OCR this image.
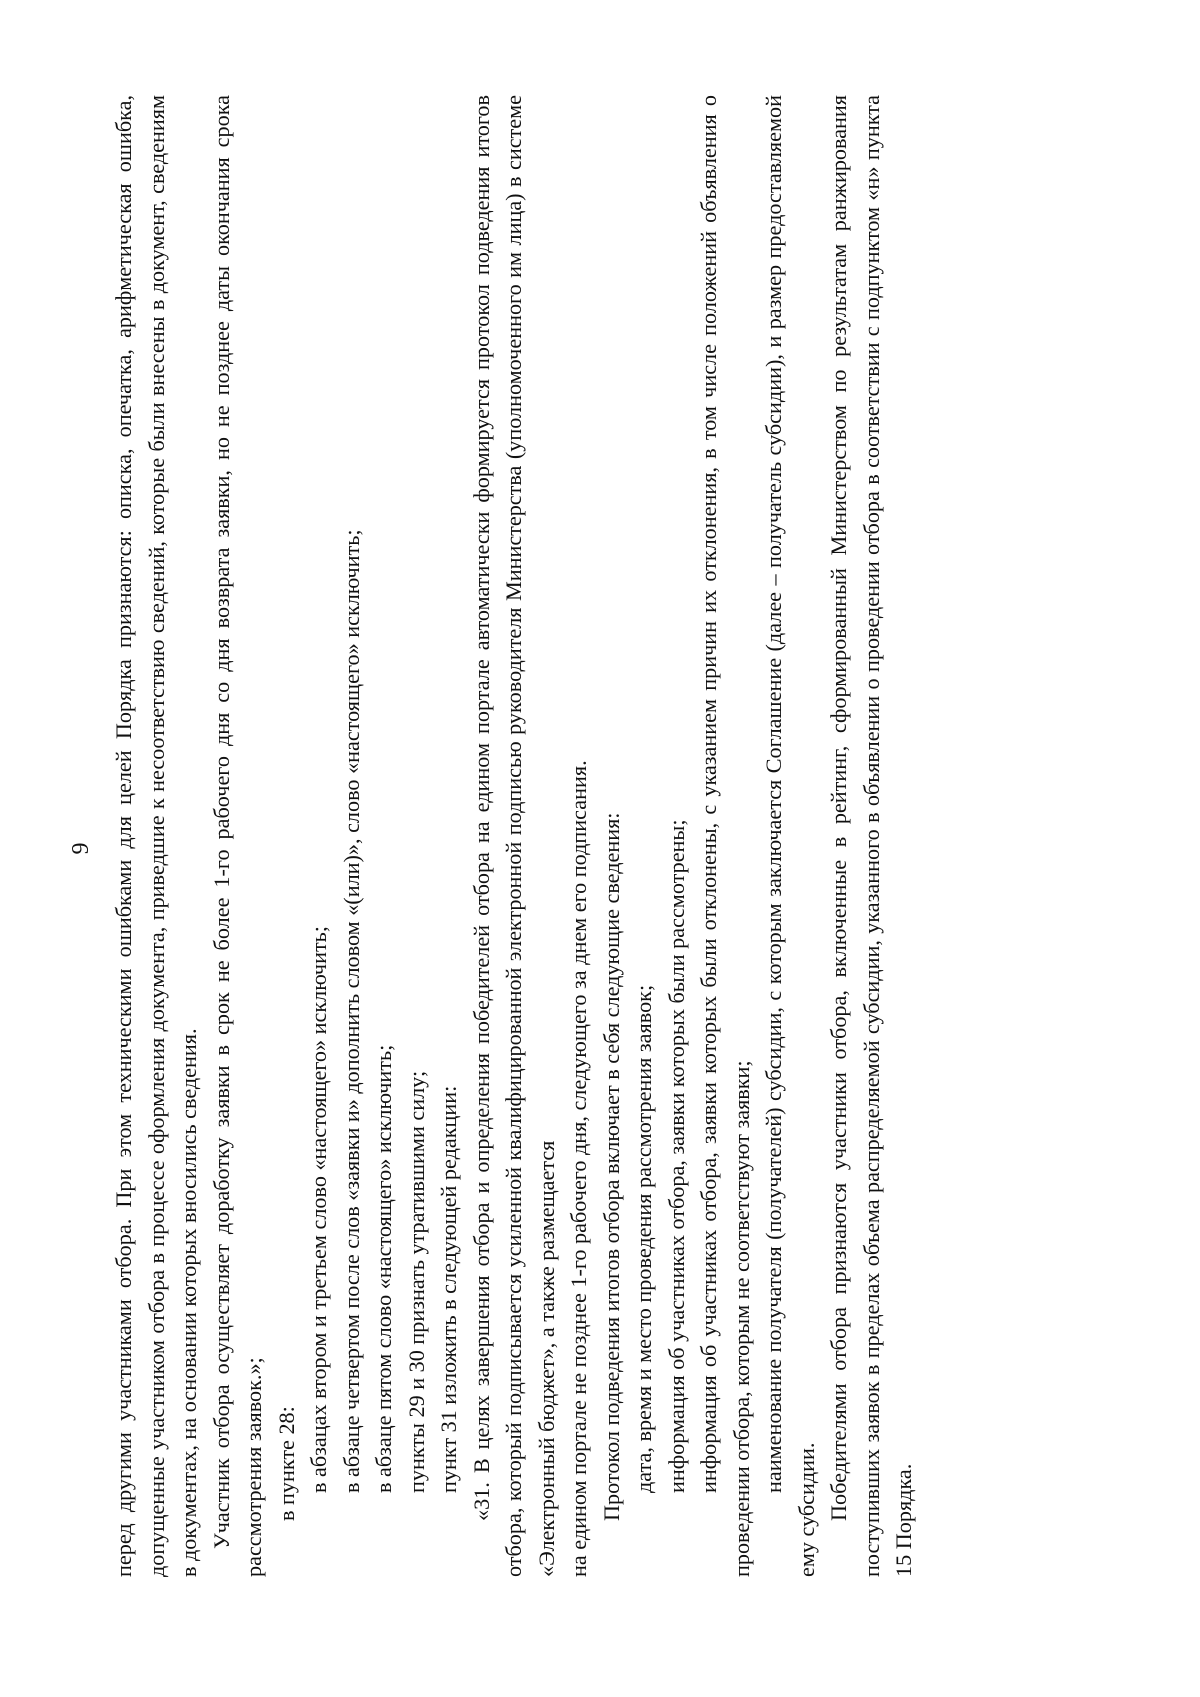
9 перед другими участниками отбора. При этом техническими ошибками для целей Порядка признаются: описка, опечатка, арифметическая ошибка, допущенные участником отбора в процессе оформления документа, приведшие к несоответствию сведений, которые были внесены в документ, сведениям в документах, на основании которых вносились сведения. Участник отбора осуществляет доработку заявки в срок не более 1-го рабочего дня со дня возврата заявки, но не позднее даты окончания срока рассмотрения заявок.»; в пункте 28: в абзацах втором и третьем слово «настоящего» исключить; в абзаце четвертом после слов «заявки и» дополнить словом «(или)», слово «настоящего» исключить; в абзаце пятом слово «настоящего» исключить; пункты 29 и 30 признать утратившими силу; пункт 31 изложить в следующей редакции: «31. В целях завершения отбора и определения победителей отбора на едином портале автоматически формируется протокол подведения итогов отбора, который подписывается усиленной квалифицированной электронной подписью руководителя Министерства (уполномоченного им лица) в системе «Электронный бюджет», а также размещается на едином портале не позднее 1-го рабочего дня, следующего за днем его подписания. Протокол подведения итогов отбора включает в себя следующие сведения: дата, время и место проведения рассмотрения заявок; информация об участниках отбора, заявки которых были рассмотрены; информация об участниках отбора, заявки которых были отклонены, с указанием причин их отклонения, в том числе положений объявления о проведении отбора, которым не соответствуют заявки; наименование получателя (получателей) субсидии, с которым заключается Соглашение (далее – получатель субсидии), и размер предоставляемой ему субсидии. Победителями отбора признаются участники отбора, включенные в рейтинг, сформированный Министерством по результатам ранжирования поступивших заявок в пределах объема распределяемой субсидии, указанного в объявлении о проведении отбора в соответствии с подпунктом «н» пункта 15 Порядка.
